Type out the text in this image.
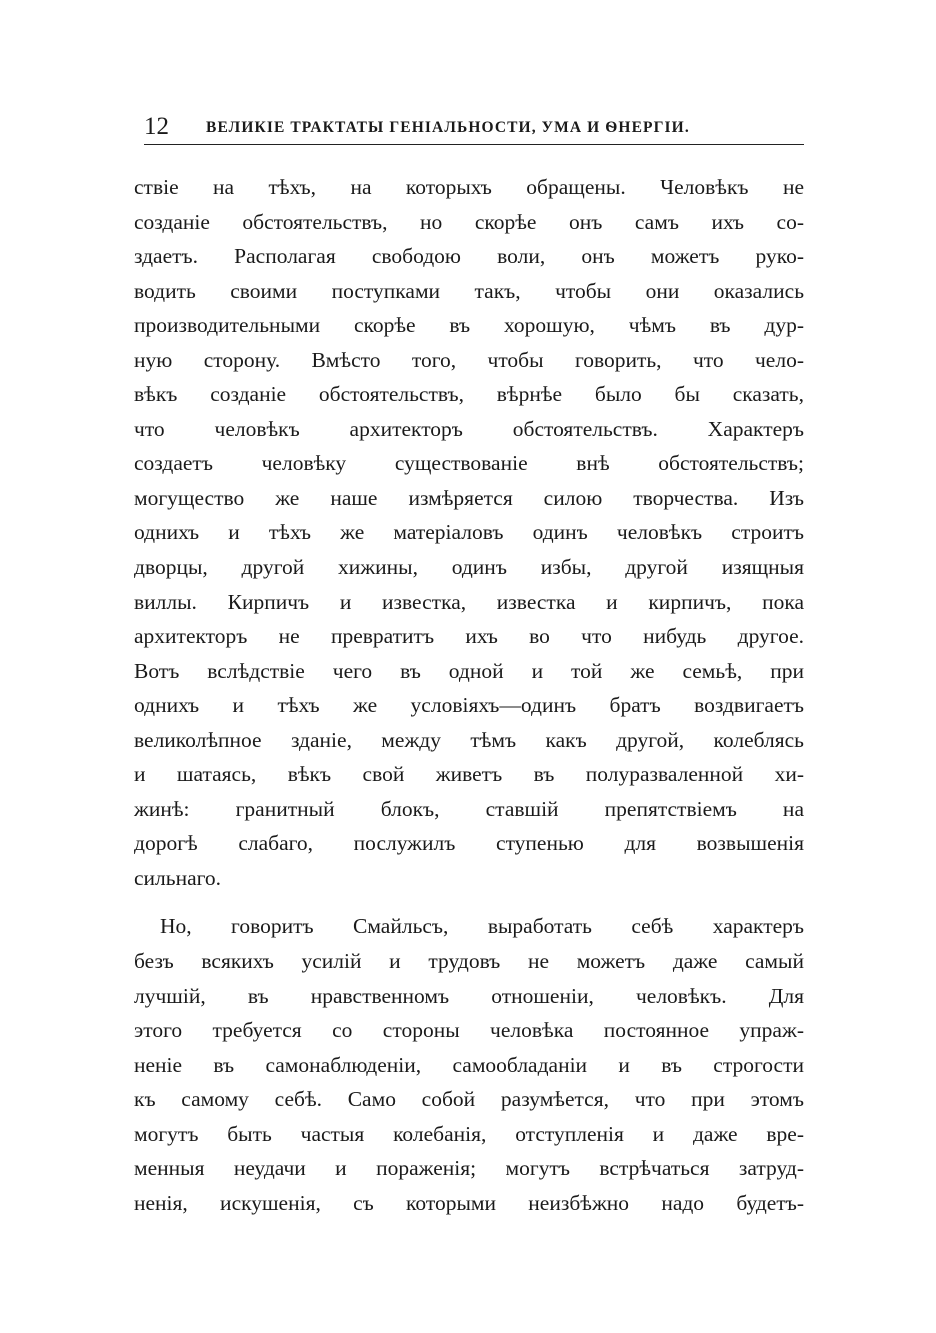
12 ВЕЛИКІЕ ТРАКТАТЫ ГЕНІАЛЬНОСТИ, УМА И ѲНЕРГІИ.
ствіе на тѣхъ, на которыхъ обращены. Человѣкъ не
созданіе обстоятельствъ, но скорѣе онъ самъ ихъ со-
здаетъ. Располагая свободою воли, онъ можетъ руко-
водить своими поступками такъ, чтобы они оказались
производительными скорѣе въ хорошую, чѣмъ въ дур-
ную сторону. Вмѣсто того, чтобы говорить, что чело-
вѣкъ созданіе обстоятельствъ, вѣрнѣе было бы сказать,
что человѣкъ архитекторъ обстоятельствъ. Характеръ
создаетъ человѣку существованіе внѣ обстоятельствъ;
могущество же наше измѣряется силою творчества. Изъ
однихъ и тѣхъ же матеріаловъ одинъ человѣкъ строитъ
дворцы, другой хижины, одинъ избы, другой изящныя
виллы. Кирпичъ и известка, известка и кирпичъ, пока
архитекторъ не превратитъ ихъ во что нибудь другое.
Вотъ вслѣдствіе чего въ одной и той же семьѣ, при
однихъ и тѣхъ же условіяхъ—одинъ братъ воздвигаетъ
великолѣпное зданіе, между тѣмъ какъ другой, колеблясь
и шатаясь, вѣкъ свой живетъ въ полуразваленной хи-
жинѣ: гранитный блокъ, ставшій препятствіемъ на
дорогѣ слабаго, послужилъ ступенью для возвышенія
сильнаго.
Но, говоритъ Смайльсъ, выработать себѣ характеръ
безъ всякихъ усилій и трудовъ не можетъ даже самый
лучшій, въ нравственномъ отношеніи, человѣкъ. Для
этого требуется со стороны человѣка постоянное упраж-
неніе въ самонаблюденіи, самообладаніи и въ строгости
къ самому себѣ. Само собой разумѣется, что при этомъ
могутъ быть частыя колебанія, отступленія и даже вре-
менныя неудачи и пораженія; могутъ встрѣчаться затруд-
ненія, искушенія, съ которыми неизбѣжно надо будетъ-
